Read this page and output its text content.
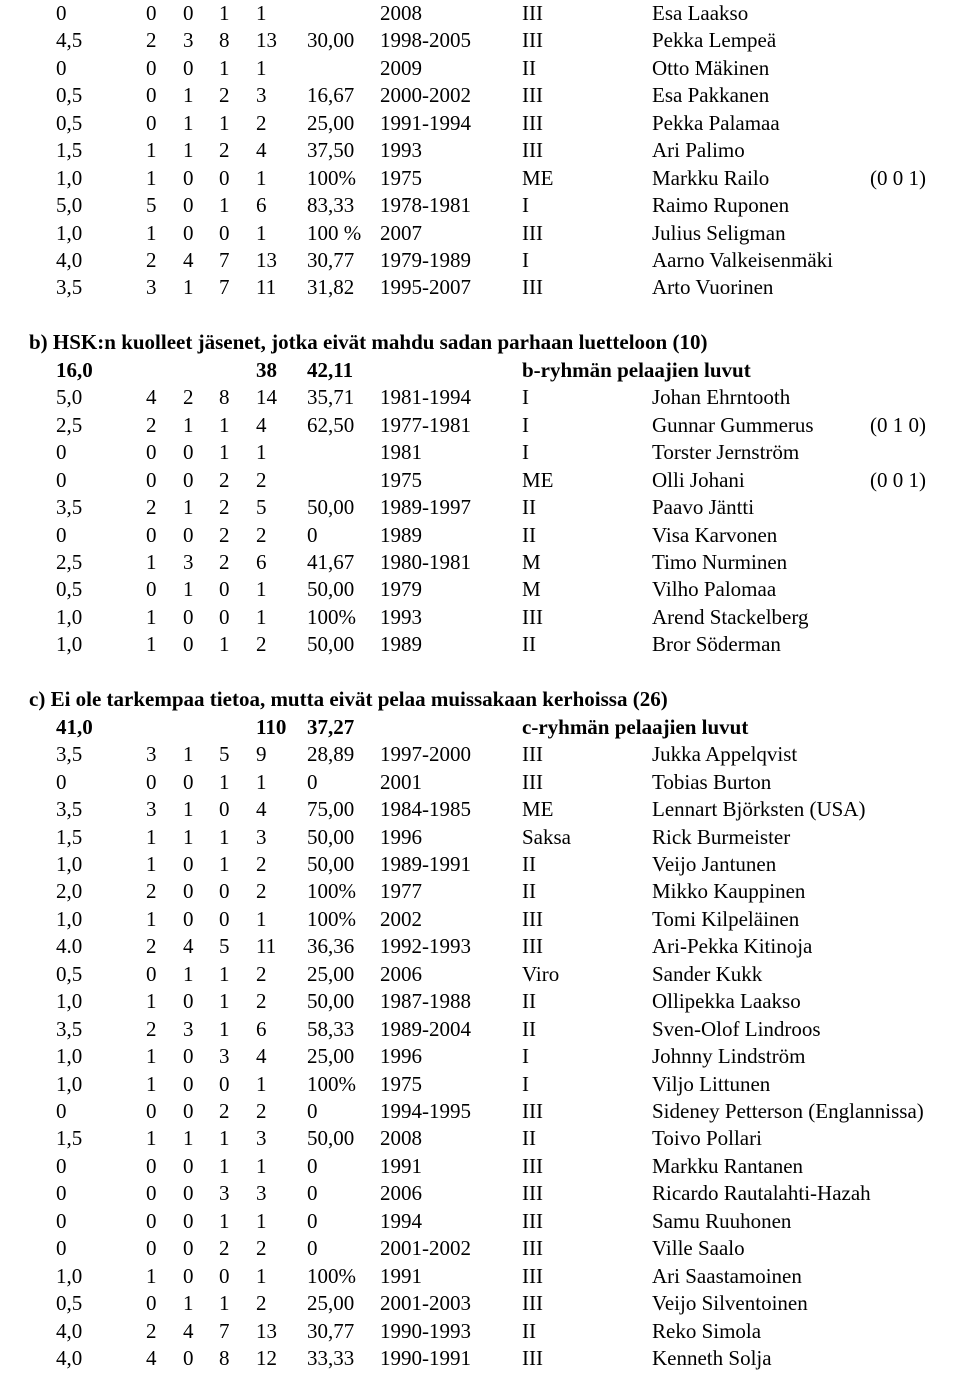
0	0 0 1 1	2008	III	Esa Laakso
4,5	2 3 8 13 30,00 1998-2005 III	Pekka Lempeä
0	0 0 1 1	2009	II	Otto Mäkinen
0,5	0 1 2 3 16,67 2000-2002 III	Esa Pakkanen
0,5	0 1 1 2 25,00 1991-1994 III	Pekka Palamaa
1,5	1 1 2 4 37,50 1993	III	Ari Palimo
1,0	1 0 0 1 100% 1975	ME	Markku Railo	(0 0 1)
5,0	5 0 1 6 83,33 1978-1981 I	Raimo Ruponen
1,0	1 0 0 1 100 % 2007	III	Julius Seligman
4,0	2 4 7 13 30,77 1979-1989 I	Aarno Valkeisenmäki
3,5	3 1 7 11 31,82 1995-2007 III	Arto Vuorinen
b) HSK:n kuolleet jäsenet, jotka eivät mahdu sadan parhaan luetteloon (10)
16,0	38 42,11	b-ryhmän pelaajien luvut
5,0	4 2 8 14 35,71 1981-1994 I	Johan Ehrntooth
2,5	2 1 1 4 62,50 1977-1981 I	Gunnar Gummerus	(0 1 0)
0	0 0 1 1	1981	I	Torster Jernström
0	0 0 2 2	1975	ME	Olli Johani	(0 0 1)
3,5	2 1 2 5 50,00 1989-1997 II	Paavo Jäntti
0	0 0 2 2 0	1989	II	Visa Karvonen
2,5	1 3 2 6 41,67 1980-1981 M	Timo Nurminen
0,5	0 1 0 1 50,00 1979	M	Vilho Palomaa
1,0	1 0 0 1 100% 1993	III	Arend Stackelberg
1,0	1 0 1 2 50,00 1989	II	Bror Söderman
c) Ei ole tarkempaa tietoa, mutta eivät pelaa muissakaan kerhoissa (26)
41,0	110 37,27	c-ryhmän pelaajien luvut
3,5	3 1 5 9 28,89 1997-2000 III	Jukka Appelqvist
0	0 0 1 1 0	2001	III	Tobias Burton
3,5	3 1 0 4 75,00 1984-1985 ME	Lennart Björksten (USA)
1,5	1 1 1 3 50,00 1996	Saksa	Rick Burmeister
1,0	1 0 1 2 50,00 1989-1991 II	Veijo Jantunen
2,0	2 0 0 2 100% 1977	II	Mikko Kauppinen
1,0	1 0 0 1 100% 2002	III	Tomi Kilpeläinen
4.0	2 4 5 11 36,36 1992-1993 III	Ari-Pekka Kitinoja
0,5	0 1 1 2 25,00 2006	Viro	Sander Kukk
1,0	1 0 1 2 50,00 1987-1988 II	Ollipekka Laakso
3,5	2 3 1 6 58,33 1989-2004 II	Sven-Olof Lindroos
1,0	1 0 3 4 25,00 1996	I	Johnny Lindström
1,0	1 0 0 1 100% 1975	I	Viljo Littunen
0	0 0 2 2 0	1994-1995 III	Sideney Petterson (Englannissa)
1,5	1 1 1 3 50,00 2008	II	Toivo Pollari
0	0 0 1 1 0	1991	III	Markku Rantanen
0	0 0 3 3 0	2006	III	Ricardo Rautalahti-Hazah
0	0 0 1 1 0	1994	III	Samu Ruuhonen
0	0 0 2 2 0	2001-2002 III	Ville Saalo
1,0	1 0 0 1 100% 1991	III	Ari Saastamoinen
0,5	0 1 1 2 25,00 2001-2003 III	Veijo Silventoinen
4,0	2 4 7 13 30,77 1990-1993 II	Reko Simola
4,0	4 0 8 12 33,33 1990-1991 III	Kenneth Solja
